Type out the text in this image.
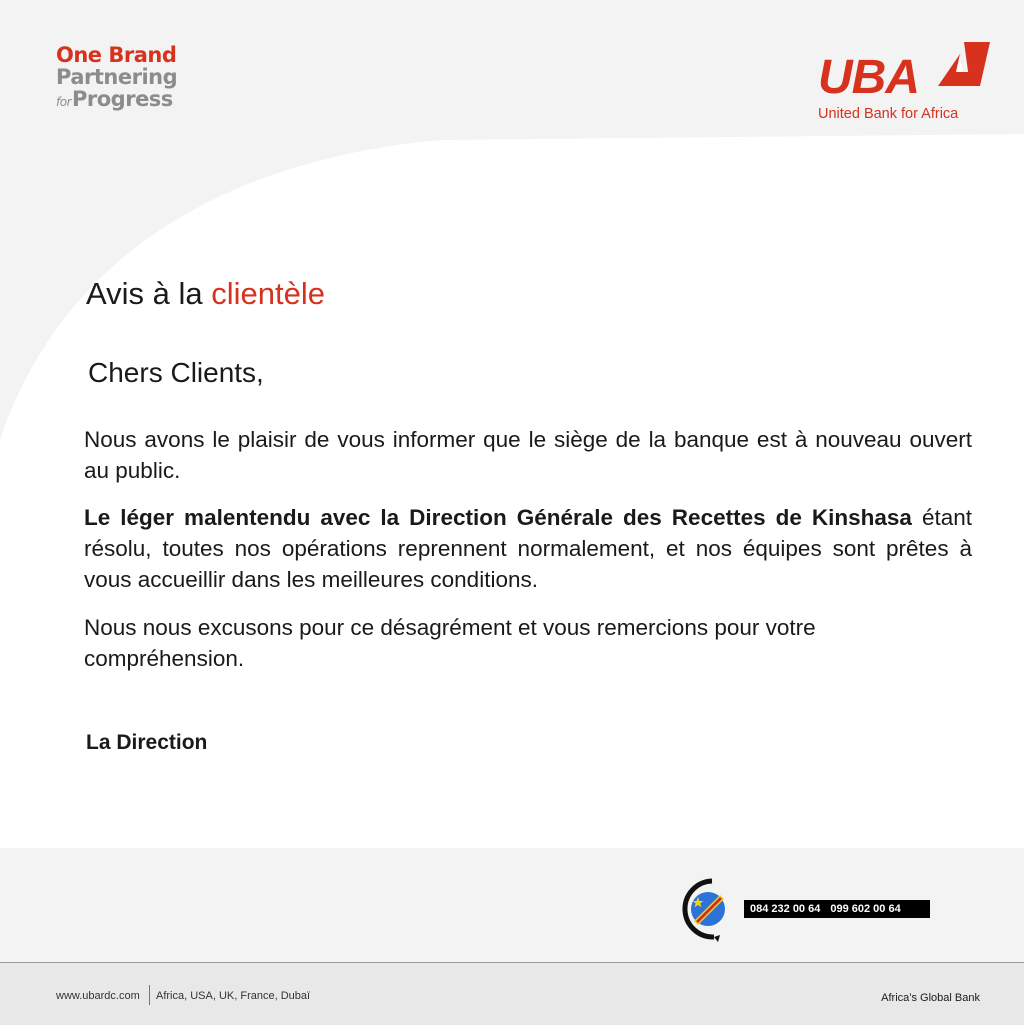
One Brand
Partnering
forProgress	UBA
United Bank for Africa
Avis à la clientèle
Chers Clients,

Nous avons le plaisir de vous informer que le siège de la banque est à nouveau ouvert au public.

Le léger malentendu avec la Direction Générale des Recettes de Kinshasa étant résolu, toutes nos opérations reprennent normalement, et nos équipes sont prêtes à vous accueillir dans les meilleures conditions.

Nous nous excusons pour ce désagrément et vous remercions pour votre compréhension.

La Direction

084 232 00 64 099 602 00 64
www.ubardc.com Africa, USA, UK, France, Dubaï	Africa’s Global Bank
